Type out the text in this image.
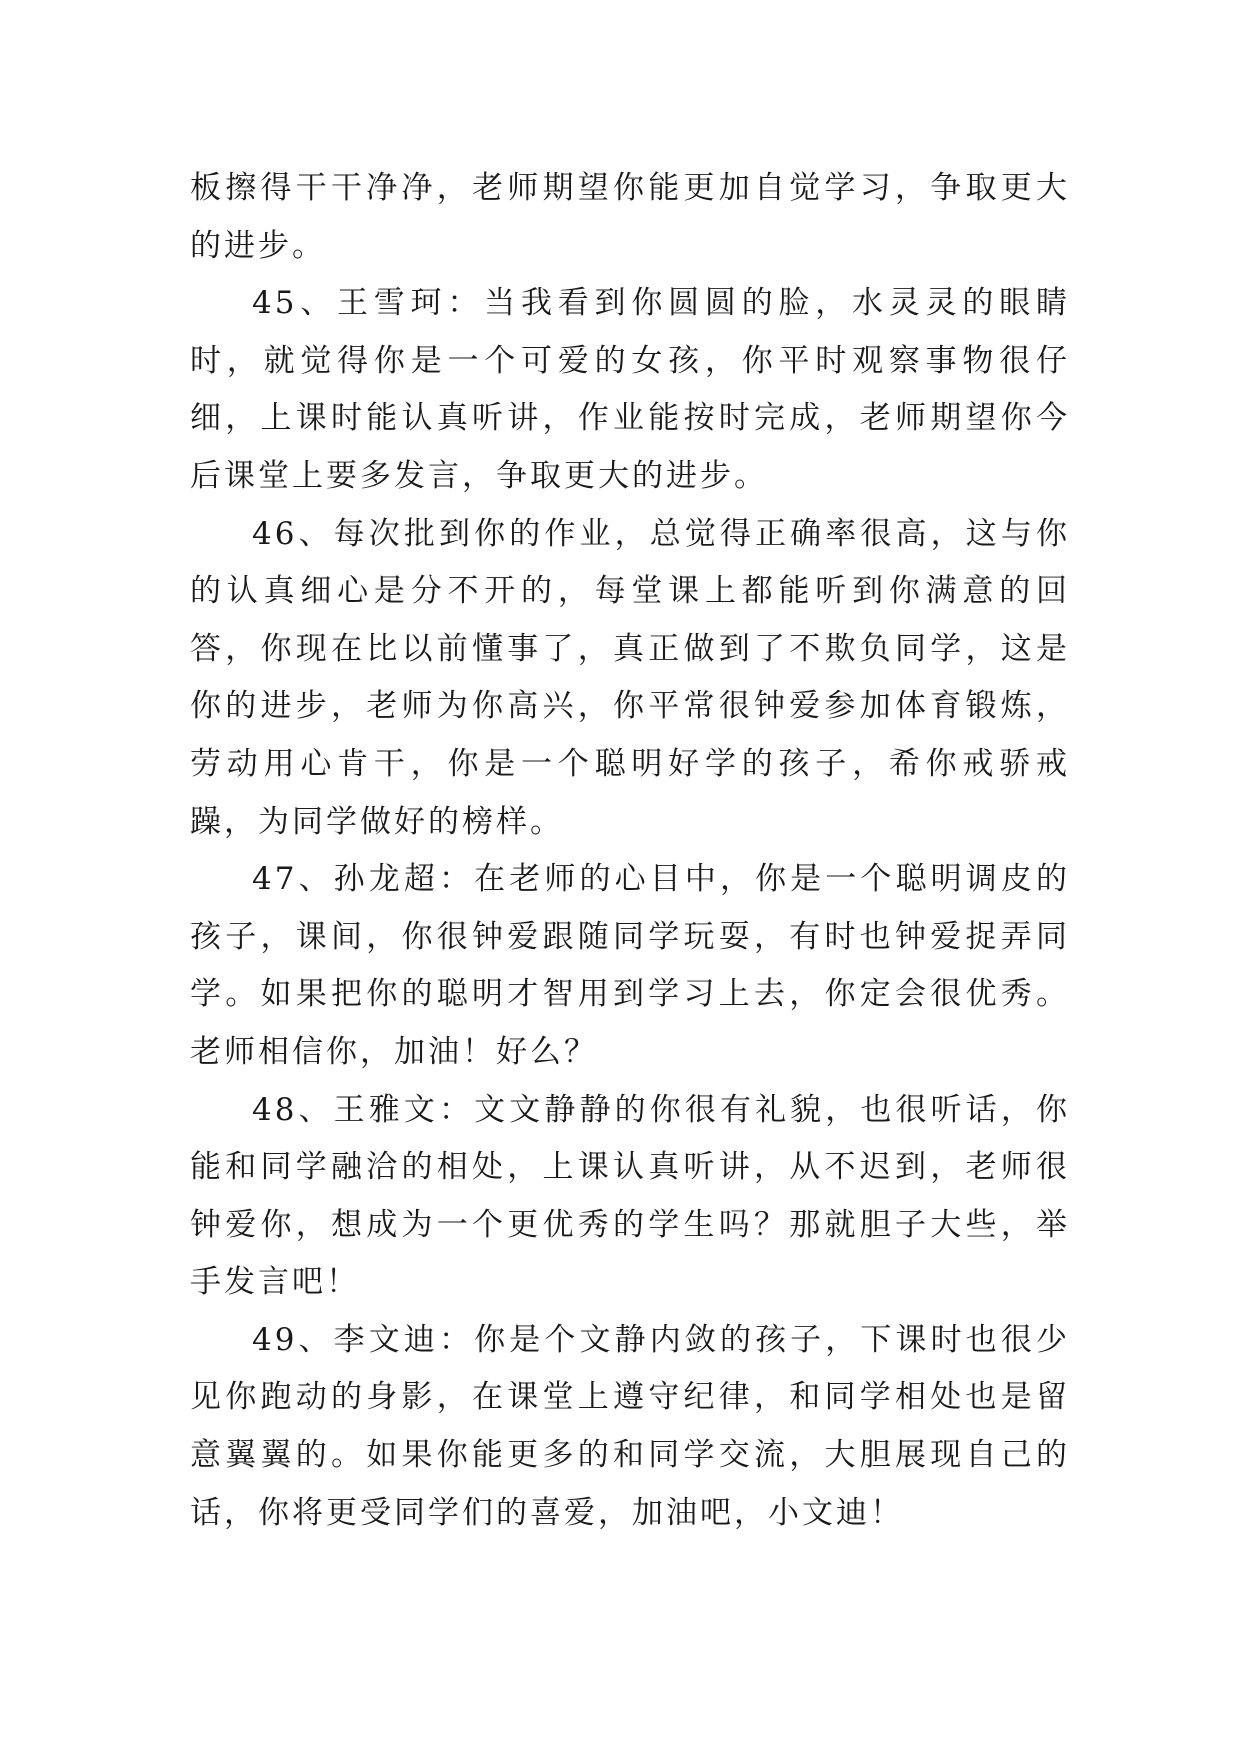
板擦得干干净净，老师期望你能更加自觉学习，争取更大的进步。

45、王雪珂：当我看到你圆圆的脸，水灵灵的眼睛时，就觉得你是一个可爱的女孩，你平时观察事物很仔细，上课时能认真听讲，作业能按时完成，老师期望你今后课堂上要多发言，争取更大的进步。

46、每次批到你的作业，总觉得正确率很高，这与你的认真细心是分不开的，每堂课上都能听到你满意的回答，你现在比以前懂事了，真正做到了不欺负同学，这是你的进步，老师为你高兴，你平常很钟爱参加体育锻炼，劳动用心肯干，你是一个聪明好学的孩子，希你戒骄戒躁，为同学做好的榜样。

47、孙龙超：在老师的心目中，你是一个聪明调皮的孩子，课间，你很钟爱跟随同学玩耍，有时也钟爱捉弄同学。如果把你的聪明才智用到学习上去，你定会很优秀。老师相信你，加油！好么？

48、王雅文：文文静静的你很有礼貌，也很听话，你能和同学融洽的相处，上课认真听讲，从不迟到，老师很钟爱你，想成为一个更优秀的学生吗？那就胆子大些，举手发言吧！

49、李文迪：你是个文静内敛的孩子，下课时也很少见你跑动的身影，在课堂上遵守纪律，和同学相处也是留意翼翼的。如果你能更多的和同学交流，大胆展现自己的话，你将更受同学们的喜爱，加油吧，小文迪！
